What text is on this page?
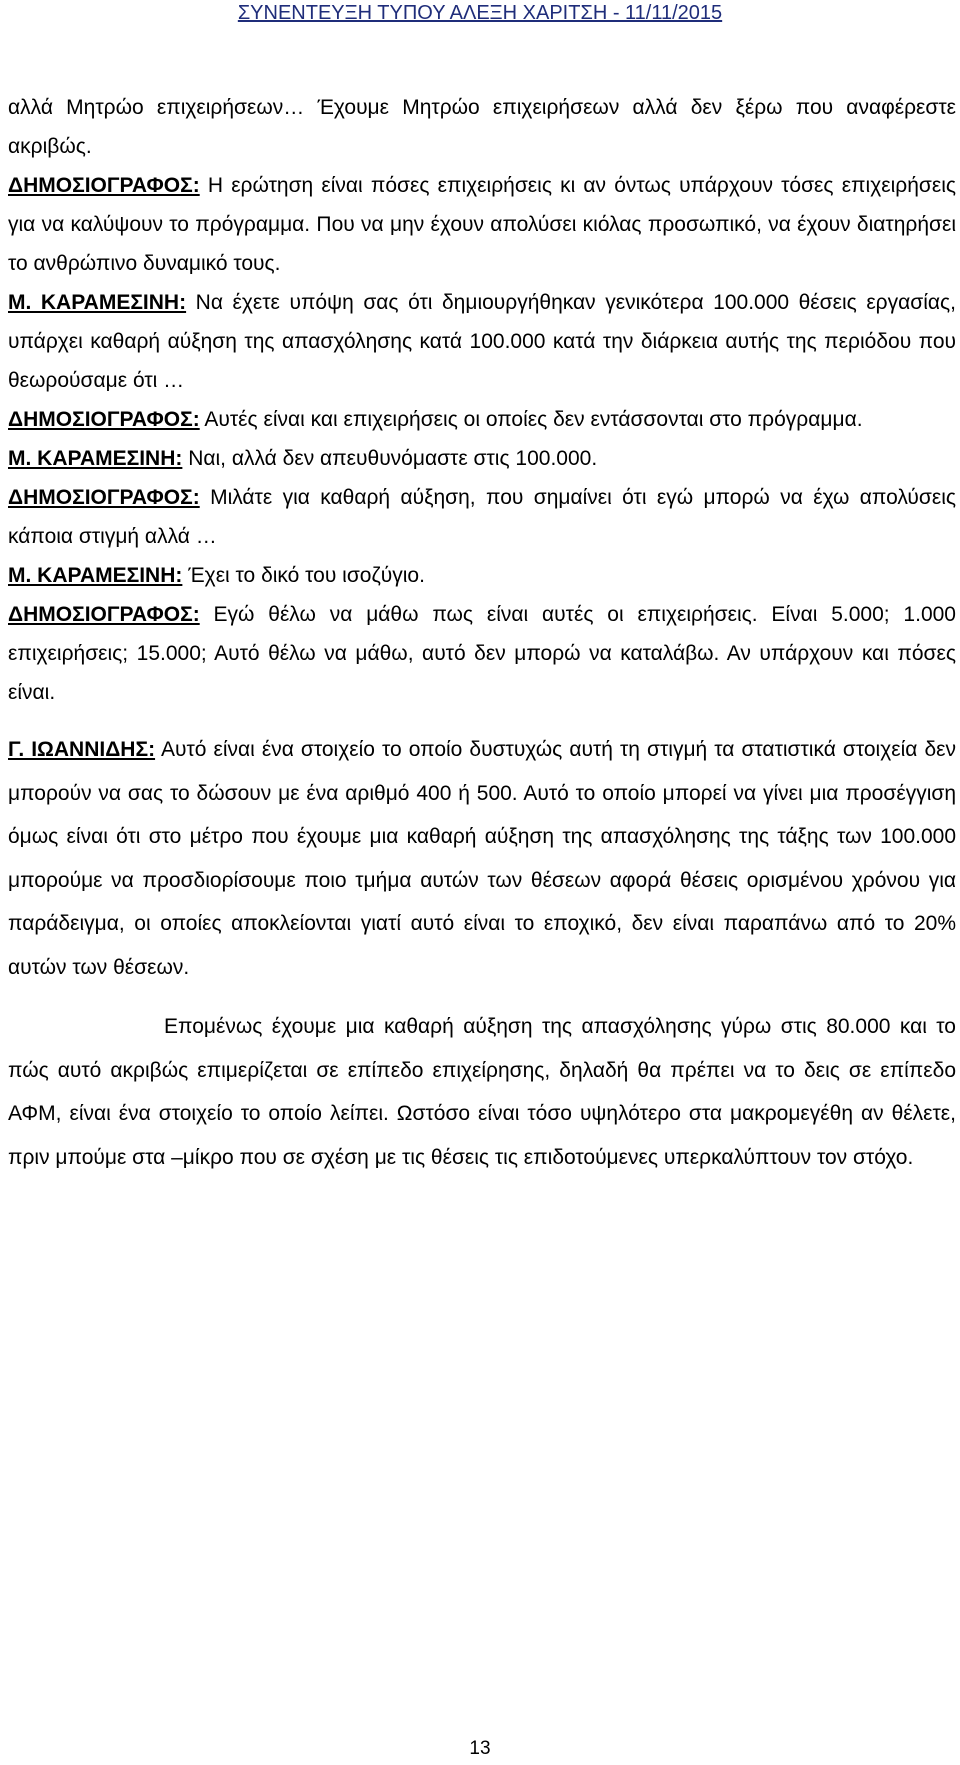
ΣΥΝΕΝΤΕΥΞΗ ΤΥΠΟΥ ΑΛΕΞΗ ΧΑΡΙΤΣΗ - 11/11/2015

αλλά Μητρώο επιχειρήσεων… Έχουμε Μητρώο επιχειρήσεων αλλά δεν ξέρω που αναφέρεστε ακριβώς.

ΔΗΜΟΣΙΟΓΡΑΦΟΣ: Η ερώτηση είναι πόσες επιχειρήσεις κι αν όντως υπάρχουν τόσες επιχειρήσεις για να καλύψουν το πρόγραμμα. Που να μην έχουν απολύσει κιόλας προσωπικό, να έχουν διατηρήσει το ανθρώπινο δυναμικό τους.

Μ. ΚΑΡΑΜΕΣΙΝΗ: Να έχετε υπόψη σας ότι δημιουργήθηκαν γενικότερα 100.000 θέσεις εργασίας, υπάρχει καθαρή αύξηση της απασχόλησης κατά 100.000 κατά την διάρκεια αυτής της περιόδου που θεωρούσαμε ότι …

ΔΗΜΟΣΙΟΓΡΑΦΟΣ: Αυτές είναι και επιχειρήσεις οι οποίες δεν εντάσσονται στο πρόγραμμα.

Μ. ΚΑΡΑΜΕΣΙΝΗ: Ναι, αλλά δεν απευθυνόμαστε στις 100.000.

ΔΗΜΟΣΙΟΓΡΑΦΟΣ: Μιλάτε για καθαρή αύξηση, που σημαίνει ότι εγώ μπορώ να έχω απολύσεις κάποια στιγμή αλλά …

Μ. ΚΑΡΑΜΕΣΙΝΗ: Έχει το δικό του ισοζύγιο.

ΔΗΜΟΣΙΟΓΡΑΦΟΣ: Εγώ θέλω να μάθω πως είναι αυτές οι επιχειρήσεις. Είναι 5.000; 1.000 επιχειρήσεις; 15.000; Αυτό θέλω να μάθω, αυτό δεν μπορώ να καταλάβω. Αν υπάρχουν και πόσες είναι.

Γ. ΙΩΑΝΝΙΔΗΣ: Αυτό είναι ένα στοιχείο το οποίο δυστυχώς αυτή τη στιγμή τα στατιστικά στοιχεία δεν μπορούν να σας το δώσουν με ένα αριθμό 400 ή 500. Αυτό το οποίο μπορεί να γίνει μια προσέγγιση όμως είναι ότι στο μέτρο που έχουμε μια καθαρή αύξηση της απασχόλησης της τάξης των 100.000 μπορούμε να προσδιορίσουμε ποιο τμήμα αυτών των θέσεων αφορά θέσεις ορισμένου χρόνου για παράδειγμα, οι οποίες αποκλείονται γιατί αυτό είναι το εποχικό, δεν είναι παραπάνω από το 20% αυτών των θέσεων.

Επομένως έχουμε μια καθαρή αύξηση της απασχόλησης γύρω στις 80.000 και το πώς αυτό ακριβώς επιμερίζεται σε επίπεδο επιχείρησης, δηλαδή θα πρέπει να το δεις σε επίπεδο ΑΦΜ, είναι ένα στοιχείο το οποίο λείπει. Ωστόσο είναι τόσο υψηλότερο στα μακρομεγέθη αν θέλετε, πριν μπούμε στα –μίκρο που σε σχέση με τις θέσεις τις επιδοτούμενες υπερκαλύπτουν τον στόχο.

13
